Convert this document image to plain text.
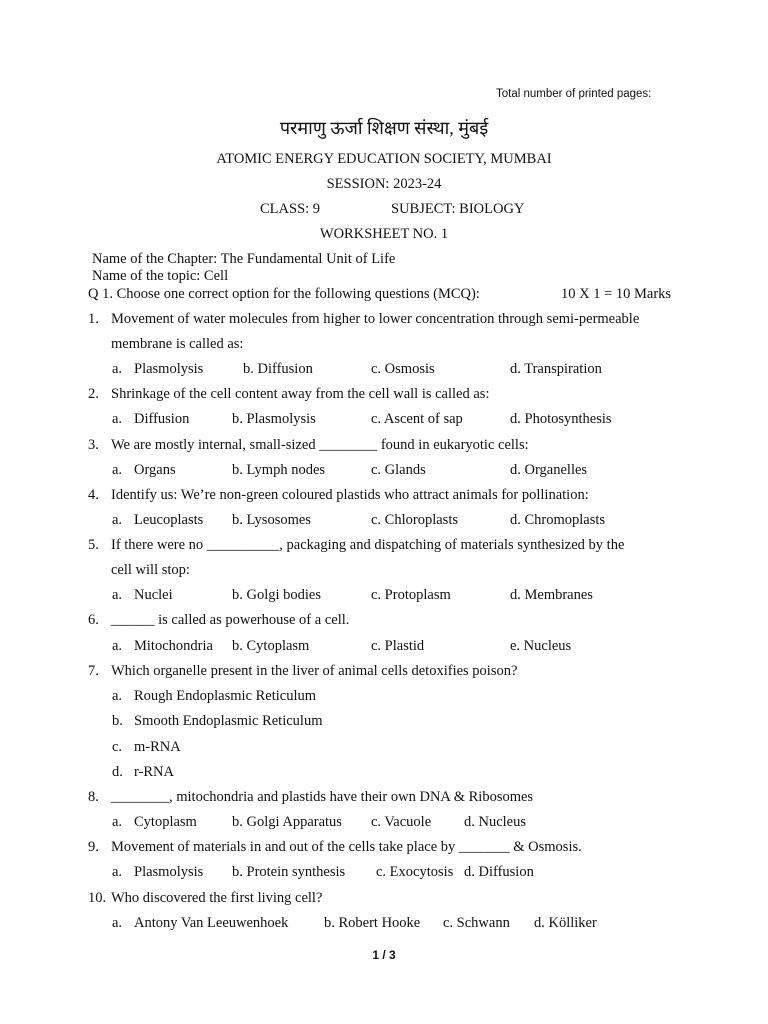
Total number of printed pages:
परमाणु ऊर्जा शिक्षण संस्था, मुंबई
ATOMIC ENERGY EDUCATION SOCIETY, MUMBAI
SESSION: 2023-24
CLASS: 9	SUBJECT: BIOLOGY
WORKSHEET NO. 1
Name of the Chapter: The Fundamental Unit of Life
Name of the topic: Cell
Q 1. Choose one correct option for the following questions (MCQ):	10 X 1 = 10 Marks
1. Movement of water molecules from higher to lower concentration through semi-permeable
membrane is called as:
a. Plasmolysis	b. Diffusion	c. Osmosis	d. Transpiration
2. Shrinkage of the cell content away from the cell wall is called as:
a. Diffusion	b. Plasmolysis	c. Ascent of sap	d. Photosynthesis
3. We are mostly internal, small-sized ________ found in eukaryotic cells:
a. Organs	b. Lymph nodes	c. Glands	d. Organelles
4. Identify us: We’re non-green coloured plastids who attract animals for pollination:
a. Leucoplasts b. Lysosomes	c. Chloroplasts	d. Chromoplasts
5. If there were no __________, packaging and dispatching of materials synthesized by the
cell will stop:
a. Nuclei	b. Golgi bodies	c. Protoplasm	d. Membranes
6. ______ is called as powerhouse of a cell.
a. Mitochondria b. Cytoplasm	c. Plastid	e. Nucleus
7. Which organelle present in the liver of animal cells detoxifies poison?
a. Rough Endoplasmic Reticulum
b. Smooth Endoplasmic Reticulum
c. m-RNA
d. r-RNA
8. ________, mitochondria and plastids have their own DNA & Ribosomes
a. Cytoplasm b. Golgi Apparatus c. Vacuole d. Nucleus
9. Movement of materials in and out of the cells take place by _______ & Osmosis.
a. Plasmolysis b. Protein synthesis c. Exocytosis d. Diffusion
10. Who discovered the first living cell?
a. Antony Van Leeuwenhoek b. Robert Hooke c. Schwann d. Kölliker
1 / 3
